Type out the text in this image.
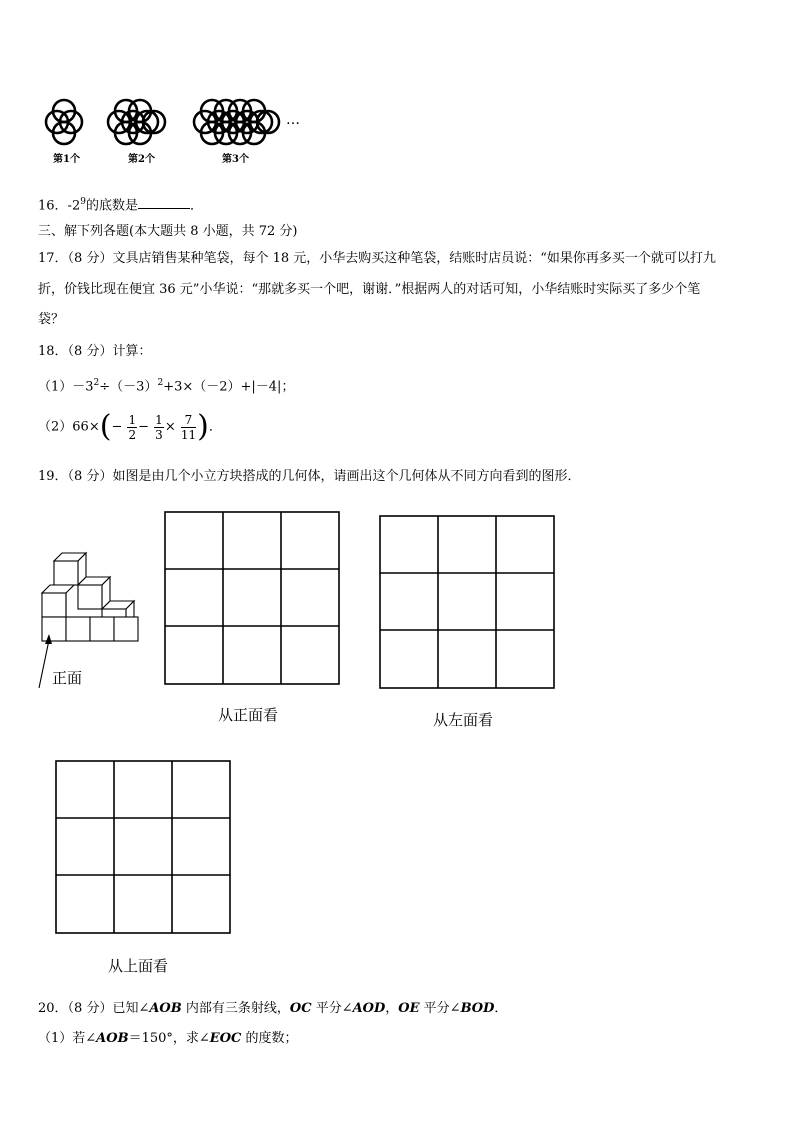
…
第1个	第2个	第3个
16．$-2^9$的底数是	．
三、解下列各题(本大题共 8 小题，共 72 分)
17．（8 分）文具店销售某种笔袋，每个 18 元，小华去购买这种笔袋，结账时店员说：“如果你再多买一个就可以打九
折，价钱比现在便宜 36 元”小华说：“那就多买一个吧，谢谢．”根据两人的对话可知，小华结账时实际买了多少个笔
袋？
18．（8 分）计算：
$(1)-3^2\div(-3)^2+3\times(-2)+|-4|$；
$(2)66\times(- \frac{1}{2} - \frac{1}{3} \times \frac{7}{11}$ )．
19．（8 分）如图是由几个小立方块搭成的几何体，请画出这个几何体从不同方向看到的图形．
正面
从正面看	从左面看
从上面看
20．（8 分）已知∠AOB 内部有三条射线，OC 平分∠AOD，OE 平分∠BOD．
（1）若∠AOB＝150°，求∠EOC 的度数；
